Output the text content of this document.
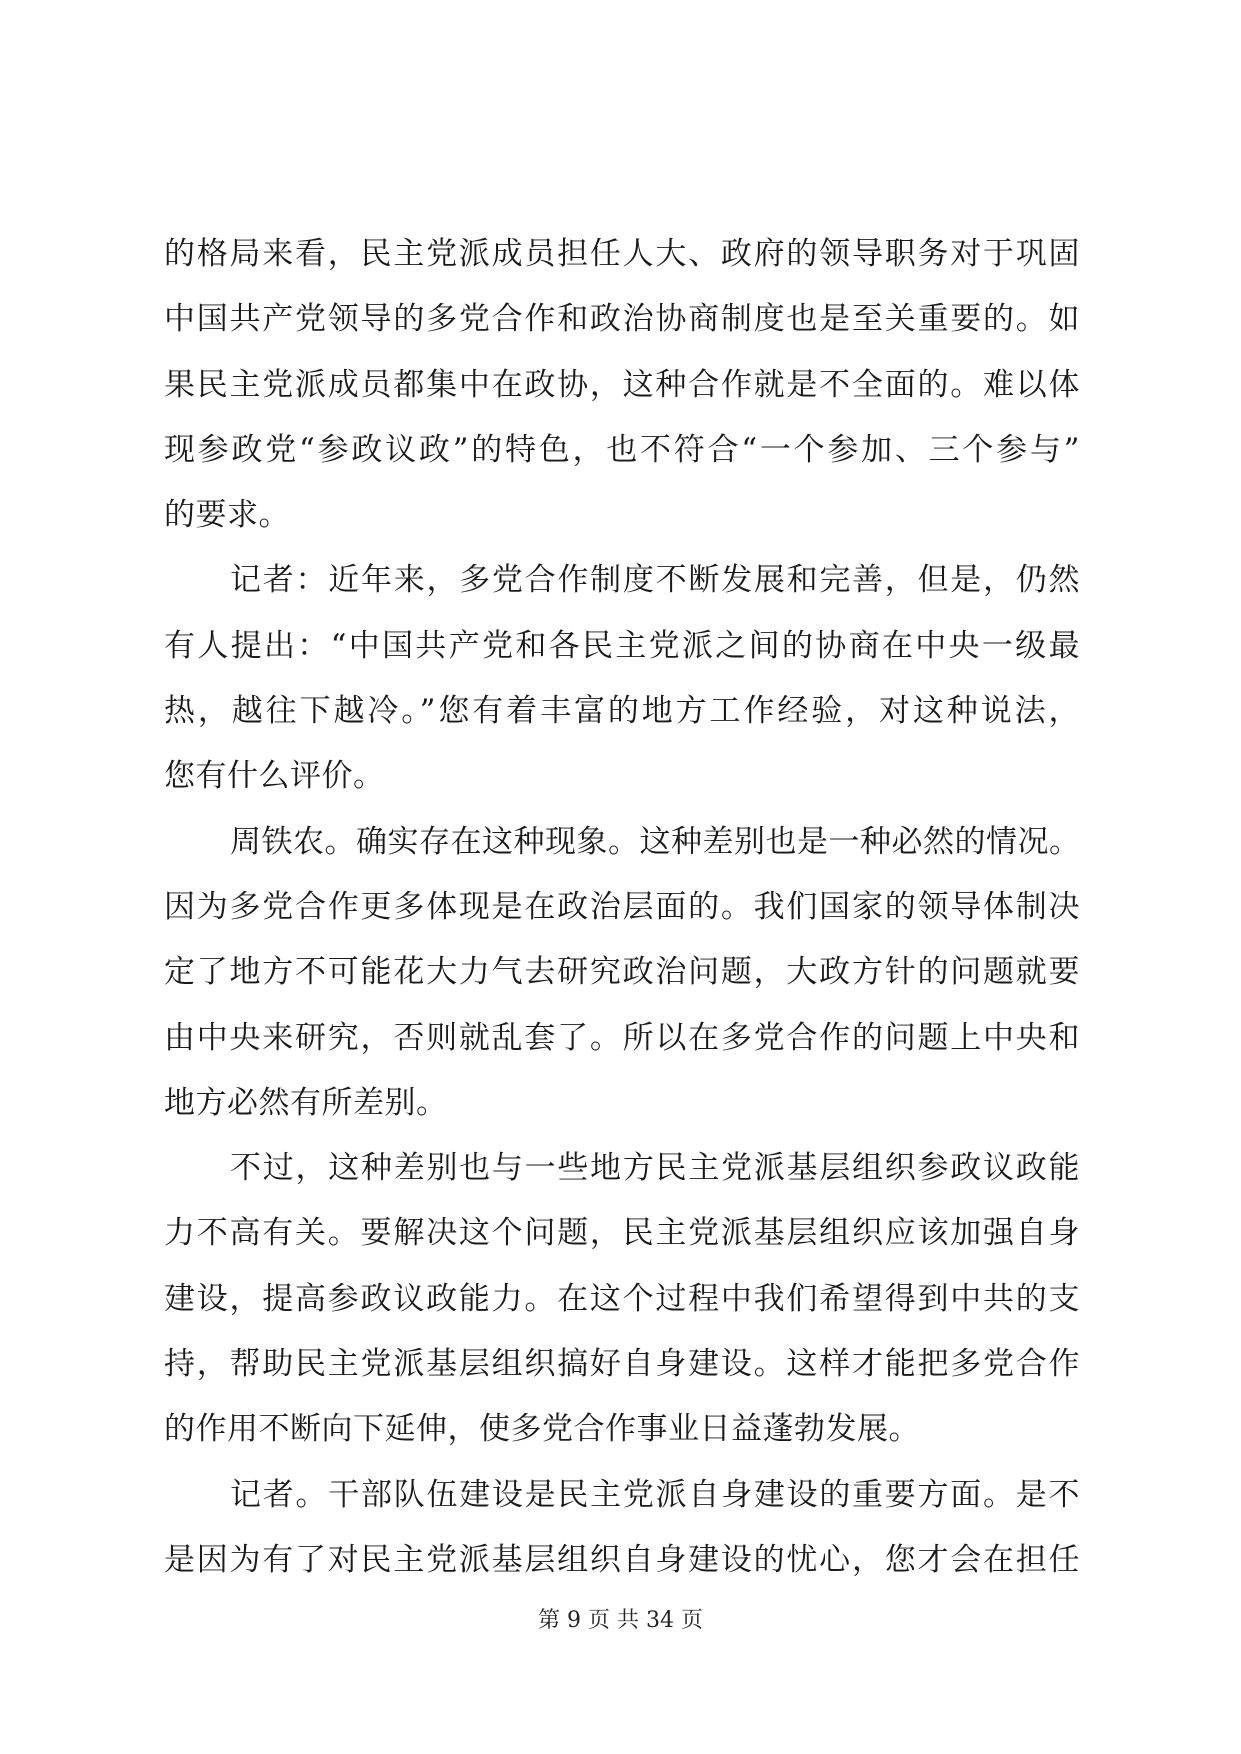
的格局来看，民主党派成员担任人大、政府的领导职务对于巩固
中国共产党领导的多党合作和政治协商制度也是至关重要的。如
果民主党派成员都集中在政协，这种合作就是不全面的。难以体
现参政党“参政议政”的特色，也不符合“一个参加、三个参与”
的要求。
记者：近年来，多党合作制度不断发展和完善，但是，仍然
有人提出：“中国共产党和各民主党派之间的协商在中央一级最
热，越往下越冷。”您有着丰富的地方工作经验，对这种说法，
您有什么评价。
周铁农。确实存在这种现象。这种差别也是一种必然的情况。
因为多党合作更多体现是在政治层面的。我们国家的领导体制决
定了地方不可能花大力气去研究政治问题，大政方针的问题就要
由中央来研究，否则就乱套了。所以在多党合作的问题上中央和
地方必然有所差别。
不过，这种差别也与一些地方民主党派基层组织参政议政能
力不高有关。要解决这个问题，民主党派基层组织应该加强自身
建设，提高参政议政能力。在这个过程中我们希望得到中共的支
持，帮助民主党派基层组织搞好自身建设。这样才能把多党合作
的作用不断向下延伸，使多党合作事业日益蓬勃发展。
记者。干部队伍建设是民主党派自身建设的重要方面。是不
是因为有了对民主党派基层组织自身建设的忧心，您才会在担任
第 9 页 共 34 页
